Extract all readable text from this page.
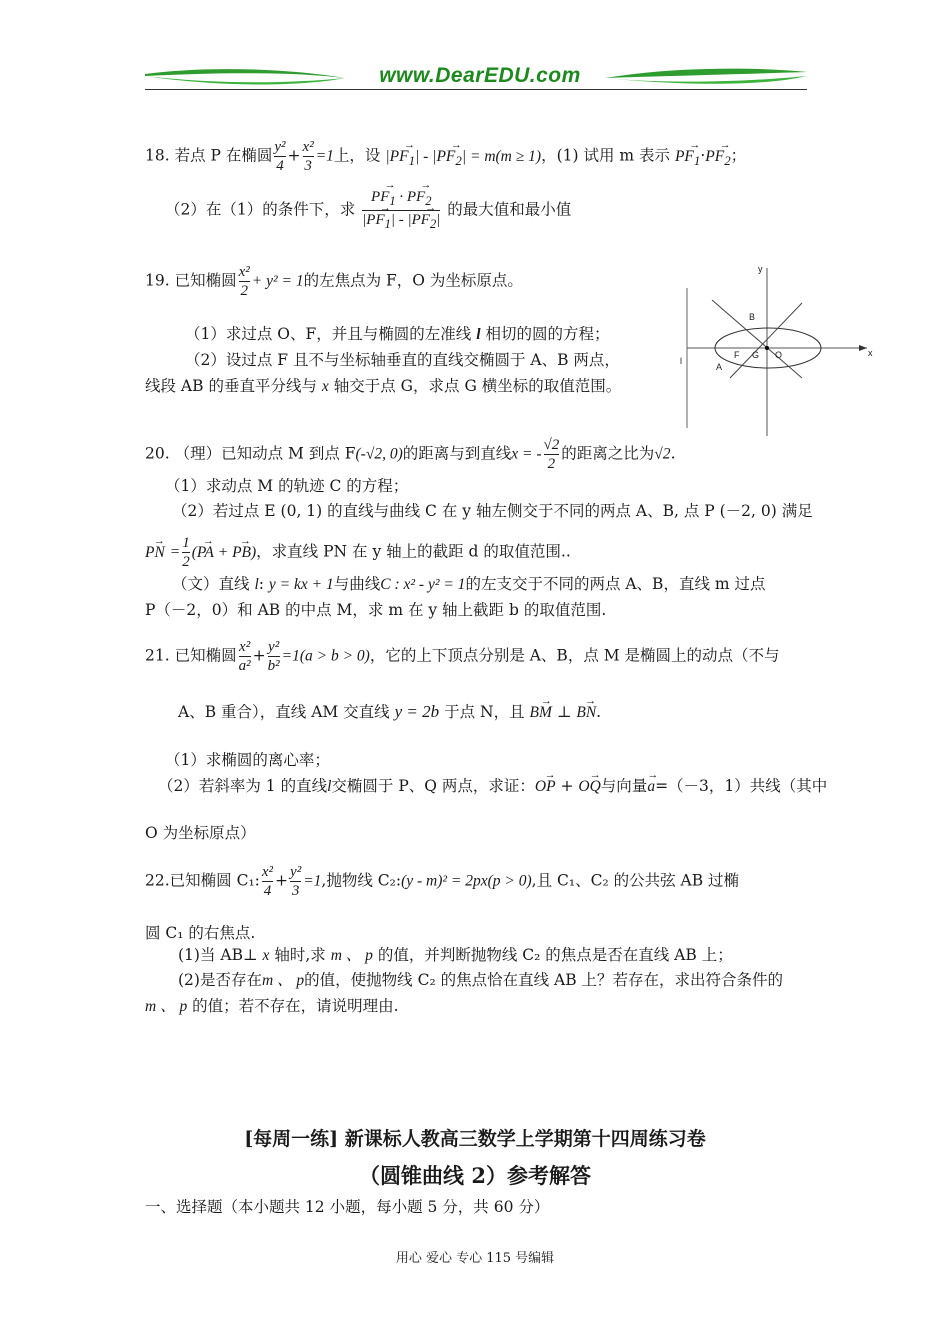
www.DearEDU.com
18. 若点 P 在椭圆 $\frac{\text{y²}}{4} + \frac{\text{x²}}{3} =1$上，设 |→ $PF_1|$ - |→ $PF_2| = m(m \ge 1)$，(1) 试用 m 表示 → $PF_1\cdot\to PF_2$；
（2）在（1）的条件下，求 → $\frac{PF_1 \cdot \to PF_2}{|\to PF_1| - |\to PF_2|}$ 的最大值和最小值
19. 已知椭圆 $\frac{\text{x²}}{2} + y^2 = 1$的左焦点为 F，O 为坐标原点。
（1）求过点 O、F，并且与椭圆的左准线 l 相切的圆的方程；
（2）设过点 F 且不与坐标轴垂直的直线交椭圆于 A、B 两点，
线段 AB 的垂直平分线与 x 轴交于点 G，求点 G 横坐标的取值范围。
y
x
B
A
F G O
l
20. （理）已知动点 M 到点 F(-√2, 0)的距离与到直线x = - $\frac{√2}{2}$ 的距离之比为√2.
（1）求动点 M 的轨迹 C 的方程；
（2）若过点 E (0, 1) 的直线与曲线 C 在 y 轴左侧交于不同的两点 A、B, 点 P (－2, 0) 满足
→ PN = $\frac{1}{2}$ (→ PA + → PB)，求直线 PN 在 y 轴上的截距 d 的取值范围..
（文）直线 l: y = kx + 1与曲线C : x² - y² = 1的左支交于不同的两点 A、B，直线 m 过点
P（－2，0）和 AB 的中点 M，求 m 在 y 轴上截距 b 的取值范围.
21. 已知椭圆 $\frac{\text{x²}}{\text{a²}} + \frac{\text{y²}}{\text{b²}} =1(a > b > 0)$，它的上下顶点分别是 A、B，点 M 是椭圆上的动点（不与
A、B 重合），直线 AM 交直线 y = 2b 于点 N，且 → BM ⊥ → BN.
（1）求椭圆的离心率；
（2）若斜率为 1 的直线l交椭圆于 P、Q 两点，求证：→ OP + → OQ与向量→ a=（－3，1）共线（其中
O 为坐标原点）
22.已知椭圆 C₁: $\frac{\text{x²}}{4} + \frac{\text{y²}}{3} =1$,抛物线 C₂:(y - m)² = 2px(p > 0),且 C₁、C₂ 的公共弦 AB 过椭
圆 C₁ 的右焦点.
(1)当 AB⊥ x 轴时,求 m 、 p 的值，并判断抛物线 C₂ 的焦点是否在直线 AB 上；
(2)是否存在m 、 p的值，使抛物线 C₂ 的焦点恰在直线 AB 上？若存在，求出符合条件的
m 、 p 的值；若不存在，请说明理由.
[每周一练] 新课标人教高三数学上学期第十四周练习卷
（圆锥曲线 2）参考解答
一、选择题（本小题共 12 小题，每小题 5 分，共 60 分）
用心 爱心 专心 115 号编辑
